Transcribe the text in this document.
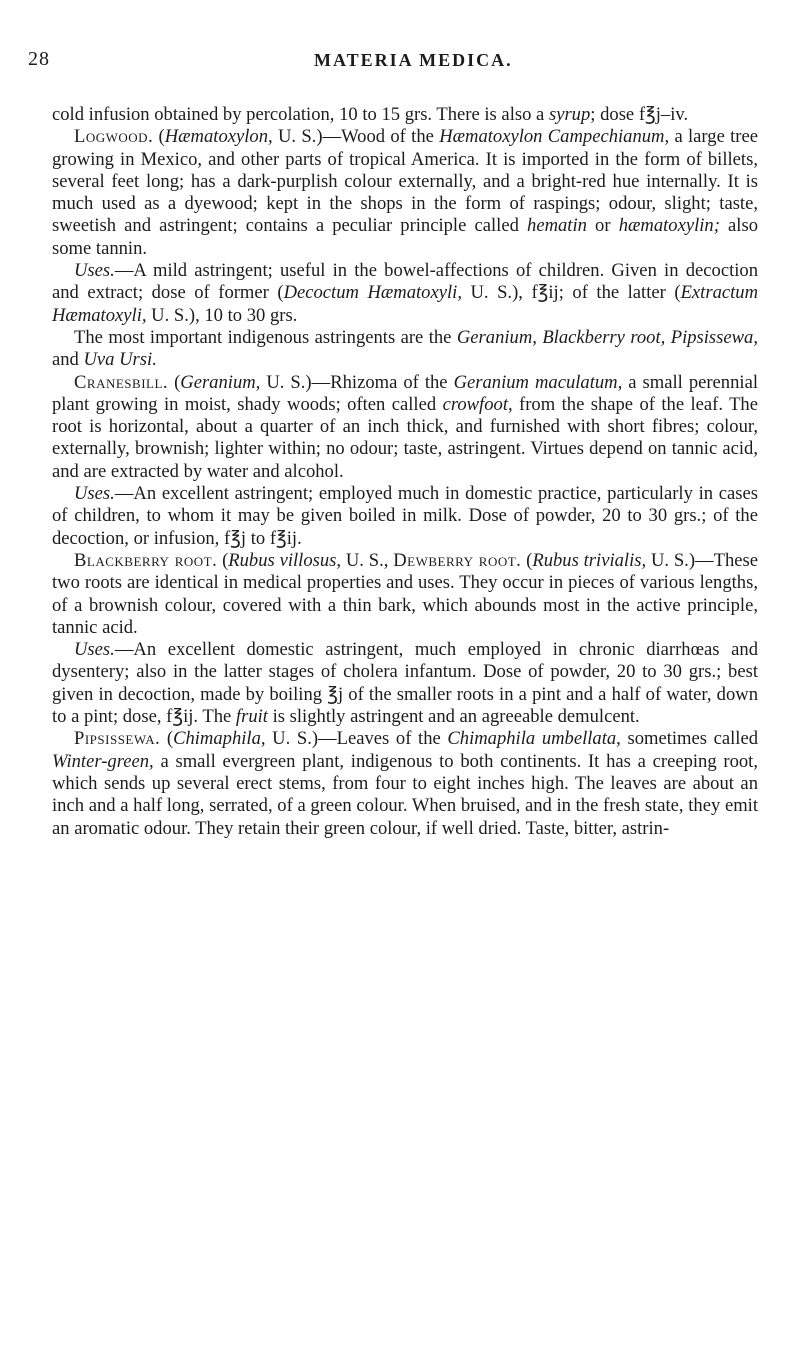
28	MATERIA MEDICA.

cold infusion obtained by percolation, 10 to 15 grs. There is also a syrup; dose f℥j–iv.

Logwood. (Hæmatoxylon, U. S.)—Wood of the Hæmatoxylon Campechianum, a large tree growing in Mexico, and other parts of tropical America. It is imported in the form of billets, several feet long; has a dark-purplish colour externally, and a bright-red hue internally. It is much used as a dyewood; kept in the shops in the form of raspings; odour, slight; taste, sweetish and astringent; contains a peculiar principle called hematin or hæmatoxylin; also some tannin.

Uses.—A mild astringent; useful in the bowel-affections of children. Given in decoction and extract; dose of former (Decoctum Hæmatoxyli, U. S.), f℥ij; of the latter (Extractum Hæmatoxyli, U. S.), 10 to 30 grs.

The most important indigenous astringents are the Geranium, Blackberry root, Pipsissewa, and Uva Ursi.

Cranesbill. (Geranium, U. S.)—Rhizoma of the Geranium maculatum, a small perennial plant growing in moist, shady woods; often called crowfoot, from the shape of the leaf. The root is horizontal, about a quarter of an inch thick, and furnished with short fibres; colour, externally, brownish; lighter within; no odour; taste, astringent. Virtues depend on tannic acid, and are extracted by water and alcohol.

Uses.—An excellent astringent; employed much in domestic practice, particularly in cases of children, to whom it may be given boiled in milk. Dose of powder, 20 to 30 grs.; of the decoction, or infusion, f℥j to f℥ij.

Blackberry root. (Rubus villosus, U. S., Dewberry root. (Rubus trivialis, U. S.)—These two roots are identical in medical properties and uses. They occur in pieces of various lengths, of a brownish colour, covered with a thin bark, which abounds most in the active principle, tannic acid.

Uses.—An excellent domestic astringent, much employed in chronic diarrhœas and dysentery; also in the latter stages of cholera infantum. Dose of powder, 20 to 30 grs.; best given in decoction, made by boiling ℥j of the smaller roots in a pint and a half of water, down to a pint; dose, f℥ij. The fruit is slightly astringent and an agreeable demulcent.

Pipsissewa. (Chimaphila, U. S.)—Leaves of the Chimaphila umbellata, sometimes called Winter-green, a small evergreen plant, indigenous to both continents. It has a creeping root, which sends up several erect stems, from four to eight inches high. The leaves are about an inch and a half long, serrated, of a green colour. When bruised, and in the fresh state, they emit an aromatic odour. They retain their green colour, if well dried. Taste, bitter, astrin-
